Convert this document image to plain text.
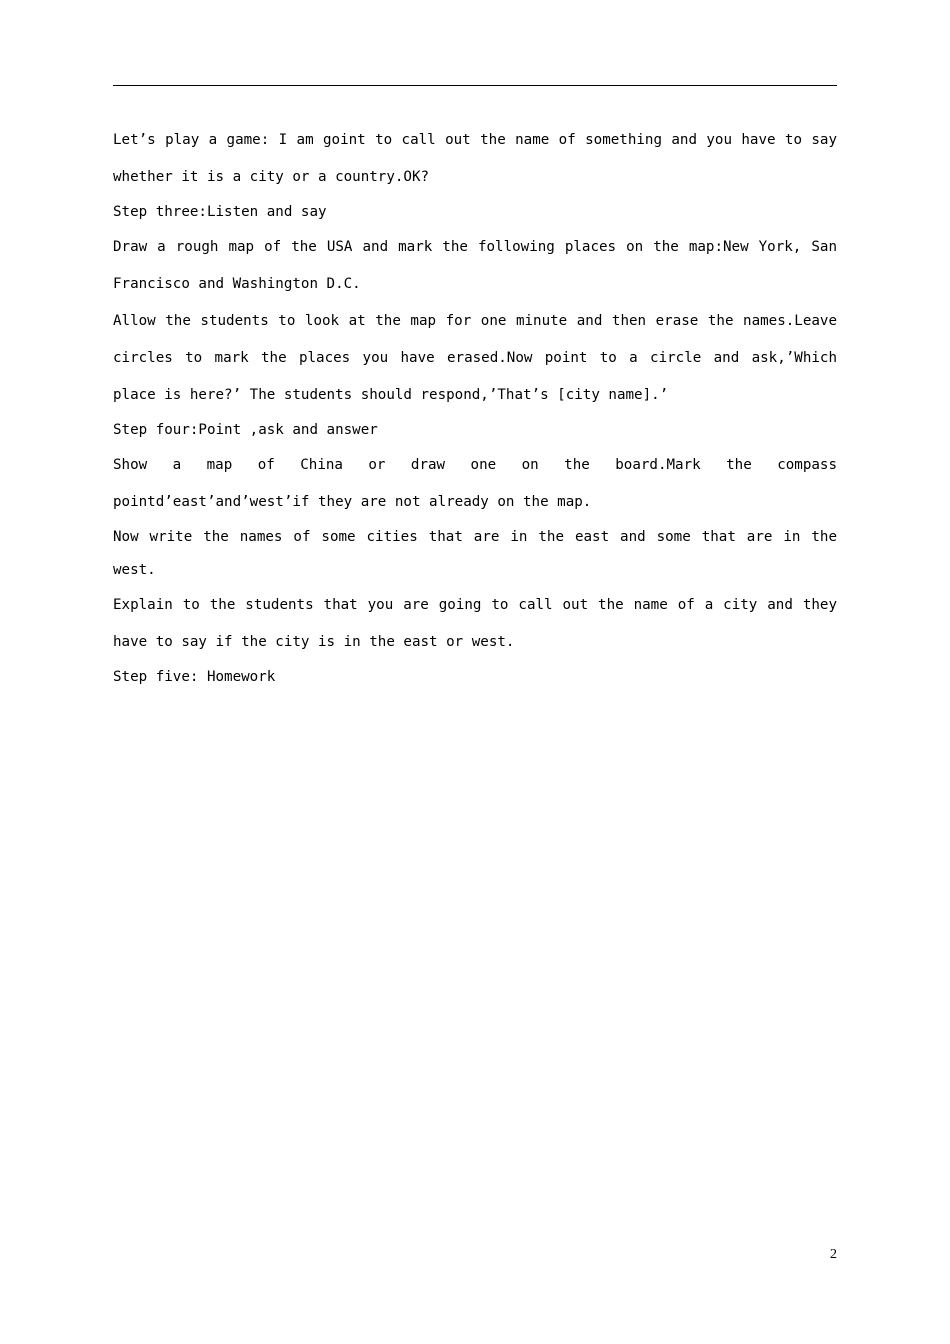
Let’s play a game: I am goint to call out the name of something and you have to say whether it is a city or a country.OK?

Step three:Listen and say

Draw a rough map of the USA and mark the following places on the map:New York, San Francisco and Washington D.C.

Allow the students to look at the map for one minute and then erase the names.Leave circles to mark the places you have erased.Now point to a circle and ask,’Which place is here?’ The students should respond,’That’s [city name].’

Step four:Point ,ask and answer

Show a map of China or draw one on the board.Mark the compass pointd’east’and’west’if they are not already on the map.

Now write the names of some cities that are in the east and some that are in the west.

Explain to the students that you are going to call out the name of a city and they have to say if the city is in the east or west.

Step five: Homework

2
